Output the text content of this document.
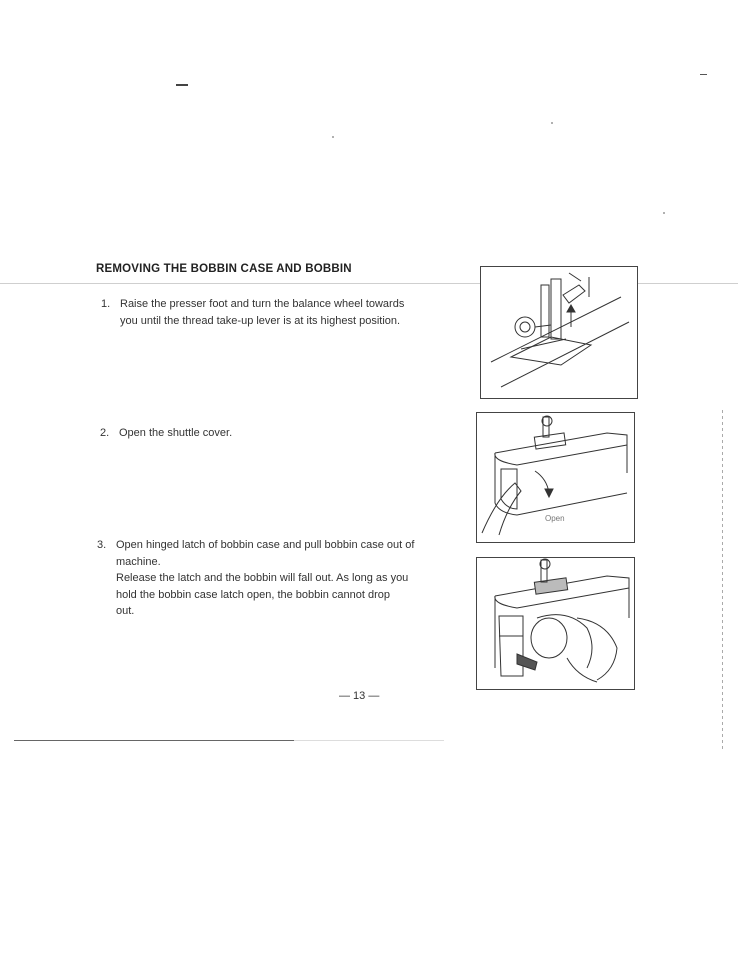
REMOVING THE BOBBIN CASE AND BOBBIN
1. Raise the presser foot and turn the balance wheel towards

you until the thread take-up lever is at its highest position.

2. Open the shuttle cover.

3. Open hinged latch of bobbin case and pull bobbin case out of

machine.

Release the latch and the bobbin will fall out. As long as you

hold the bobbin case latch open, the bobbin cannot drop

out.

Open
— 13 —
